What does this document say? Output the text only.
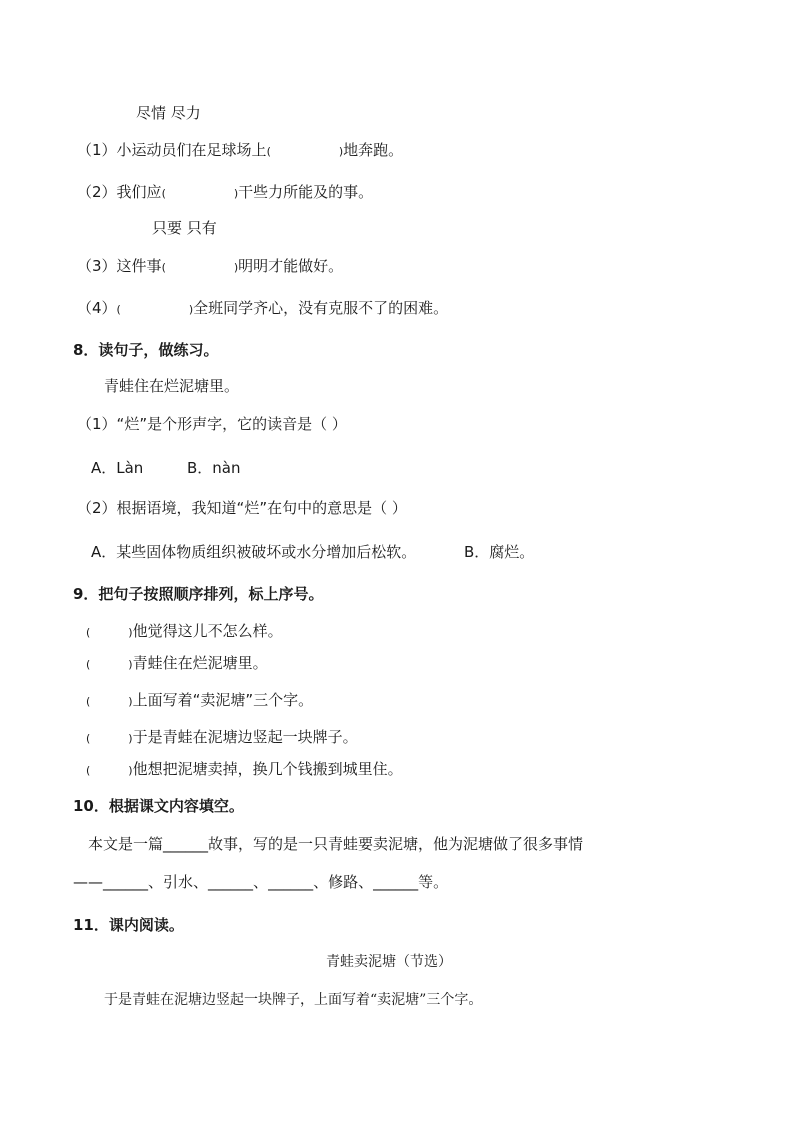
尽情 尽力
（1）小运动员们在足球场上(	)地奔跑。
（2）我们应(	)干些力所能及的事。
只要 只有
（3）这件事(	)明明才能做好。
（4）(	)全班同学齐心，没有克服不了的困难。
8．读句子，做练习。
青蛙住在烂泥塘里。
（1）“烂”是个形声字，它的读音是（ ）
A．Làn	B．nàn
（2）根据语境，我知道“烂”在句中的意思是（ ）
A．某些固体物质组织被破坏或水分增加后松软。	B．腐烂。
9．把句子按照顺序排列，标上序号。
(	)他觉得这儿不怎么样。
(	)青蛙住在烂泥塘里。
(	)上面写着“卖泥塘”三个字。
(	)于是青蛙在泥塘边竖起一块牌子。
(	)他想把泥塘卖掉，换几个钱搬到城里住。
10．根据课文内容填空。
本文是一篇______故事，写的是一只青蛙要卖泥塘，他为泥塘做了很多事情
——______、引水、______、______、修路、______等。
11．课内阅读。
青蛙卖泥塘（节选）
于是青蛙在泥塘边竖起一块牌子，上面写着“卖泥塘”三个字。
